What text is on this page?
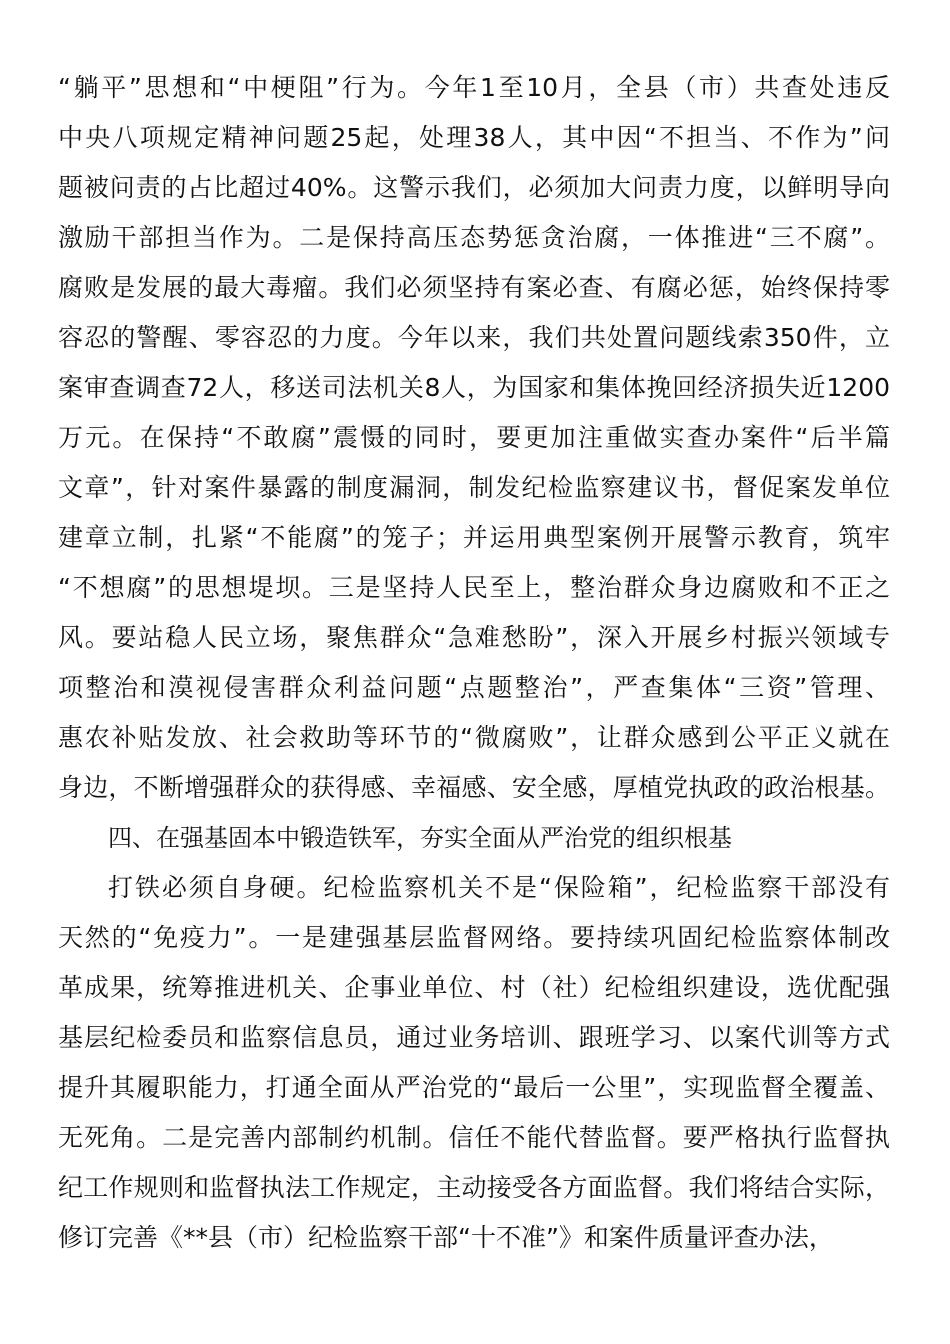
“躺平”思想和“中梗阻”行为。今年1至10月，全县（市）共查处违反
中央八项规定精神问题25起，处理38人，其中因“不担当、不作为”问
题被问责的占比超过40%。这警示我们，必须加大问责力度，以鲜明导向
激励干部担当作为。二是保持高压态势惩贪治腐，一体推进“三不腐”。
腐败是发展的最大毒瘤。我们必须坚持有案必查、有腐必惩，始终保持零
容忍的警醒、零容忍的力度。今年以来，我们共处置问题线索350件，立
案审查调查72人，移送司法机关8人，为国家和集体挽回经济损失近1200
万元。在保持“不敢腐”震慑的同时，要更加注重做实查办案件“后半篇
文章”，针对案件暴露的制度漏洞，制发纪检监察建议书，督促案发单位
建章立制，扎紧“不能腐”的笼子；并运用典型案例开展警示教育，筑牢
“不想腐”的思想堤坝。三是坚持人民至上，整治群众身边腐败和不正之
风。要站稳人民立场，聚焦群众“急难愁盼”，深入开展乡村振兴领域专
项整治和漠视侵害群众利益问题“点题整治”，严查集体“三资”管理、
惠农补贴发放、社会救助等环节的“微腐败”，让群众感到公平正义就在
身边，不断增强群众的获得感、幸福感、安全感，厚植党执政的政治根基。
四、在强基固本中锻造铁军，夯实全面从严治党的组织根基
打铁必须自身硬。纪检监察机关不是“保险箱”，纪检监察干部没有
天然的“免疫力”。一是建强基层监督网络。要持续巩固纪检监察体制改
革成果，统筹推进机关、企事业单位、村（社）纪检组织建设，选优配强
基层纪检委员和监察信息员，通过业务培训、跟班学习、以案代训等方式
提升其履职能力，打通全面从严治党的“最后一公里”，实现监督全覆盖、
无死角。二是完善内部制约机制。信任不能代替监督。要严格执行监督执
纪工作规则和监督执法工作规定，主动接受各方面监督。我们将结合实际，
修订完善《**县（市）纪检监察干部“十不准”》和案件质量评查办法，
